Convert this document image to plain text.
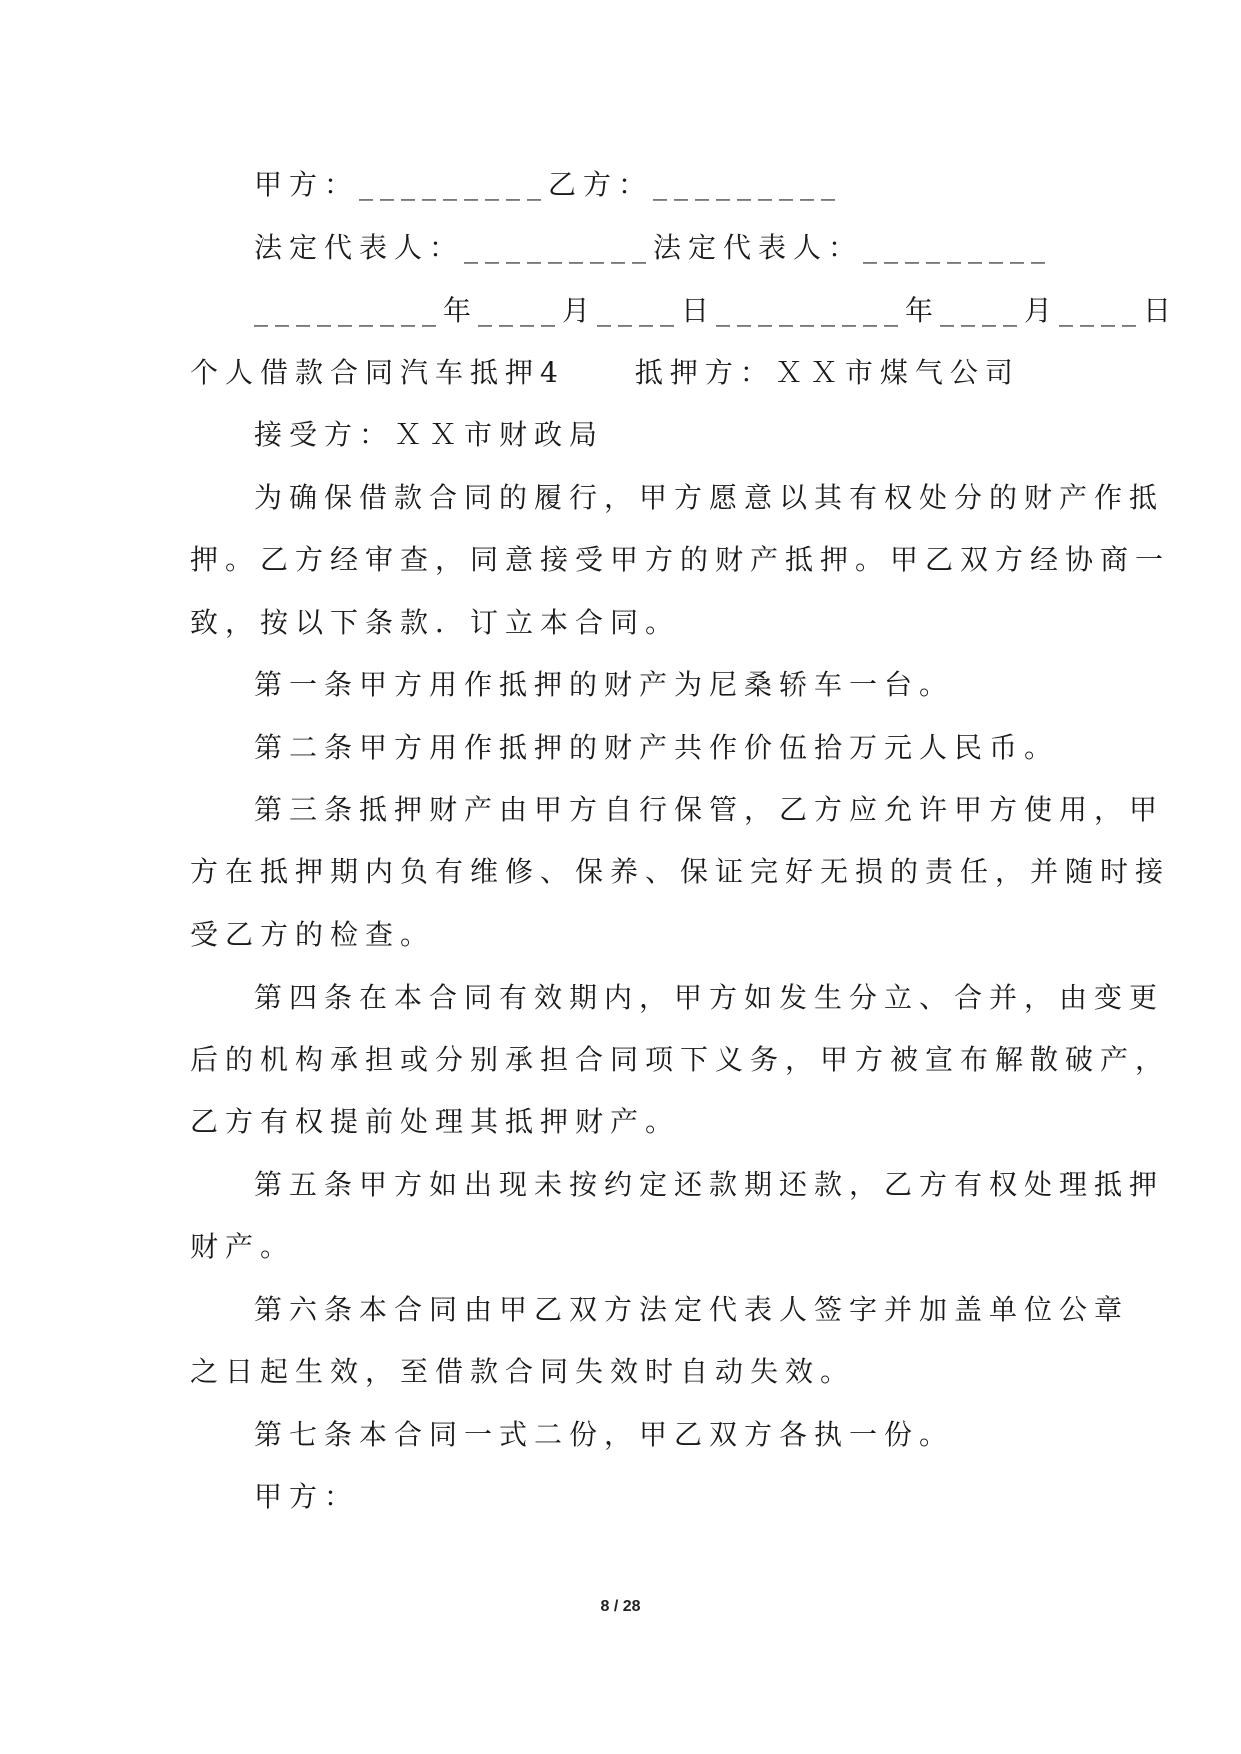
甲方：_________乙方：_________
法定代表人：_________法定代表人：_________
_________年____月____日_________年____月____日
个人借款合同汽车抵押4	抵押方：ＸＸ市煤气公司
接受方：ＸＸ市财政局
为确保借款合同的履行，甲方愿意以其有权处分的财产作抵
押。乙方经审查，同意接受甲方的财产抵押。甲乙双方经协商一
致，按以下条款．订立本合同。
第一条甲方用作抵押的财产为尼桑轿车一台。
第二条甲方用作抵押的财产共作价伍拾万元人民币。
第三条抵押财产由甲方自行保管，乙方应允许甲方使用，甲
方在抵押期内负有维修、保养、保证完好无损的责任，并随时接
受乙方的检查。
第四条在本合同有效期内，甲方如发生分立、合并，由变更
后的机构承担或分别承担合同项下义务，甲方被宣布解散破产，
乙方有权提前处理其抵押财产。
第五条甲方如出现未按约定还款期还款，乙方有权处理抵押
财产。
第六条本合同由甲乙双方法定代表人签字并加盖单位公章
之日起生效，至借款合同失效时自动失效。
第七条本合同一式二份，甲乙双方各执一份。
甲方：
8 / 28
